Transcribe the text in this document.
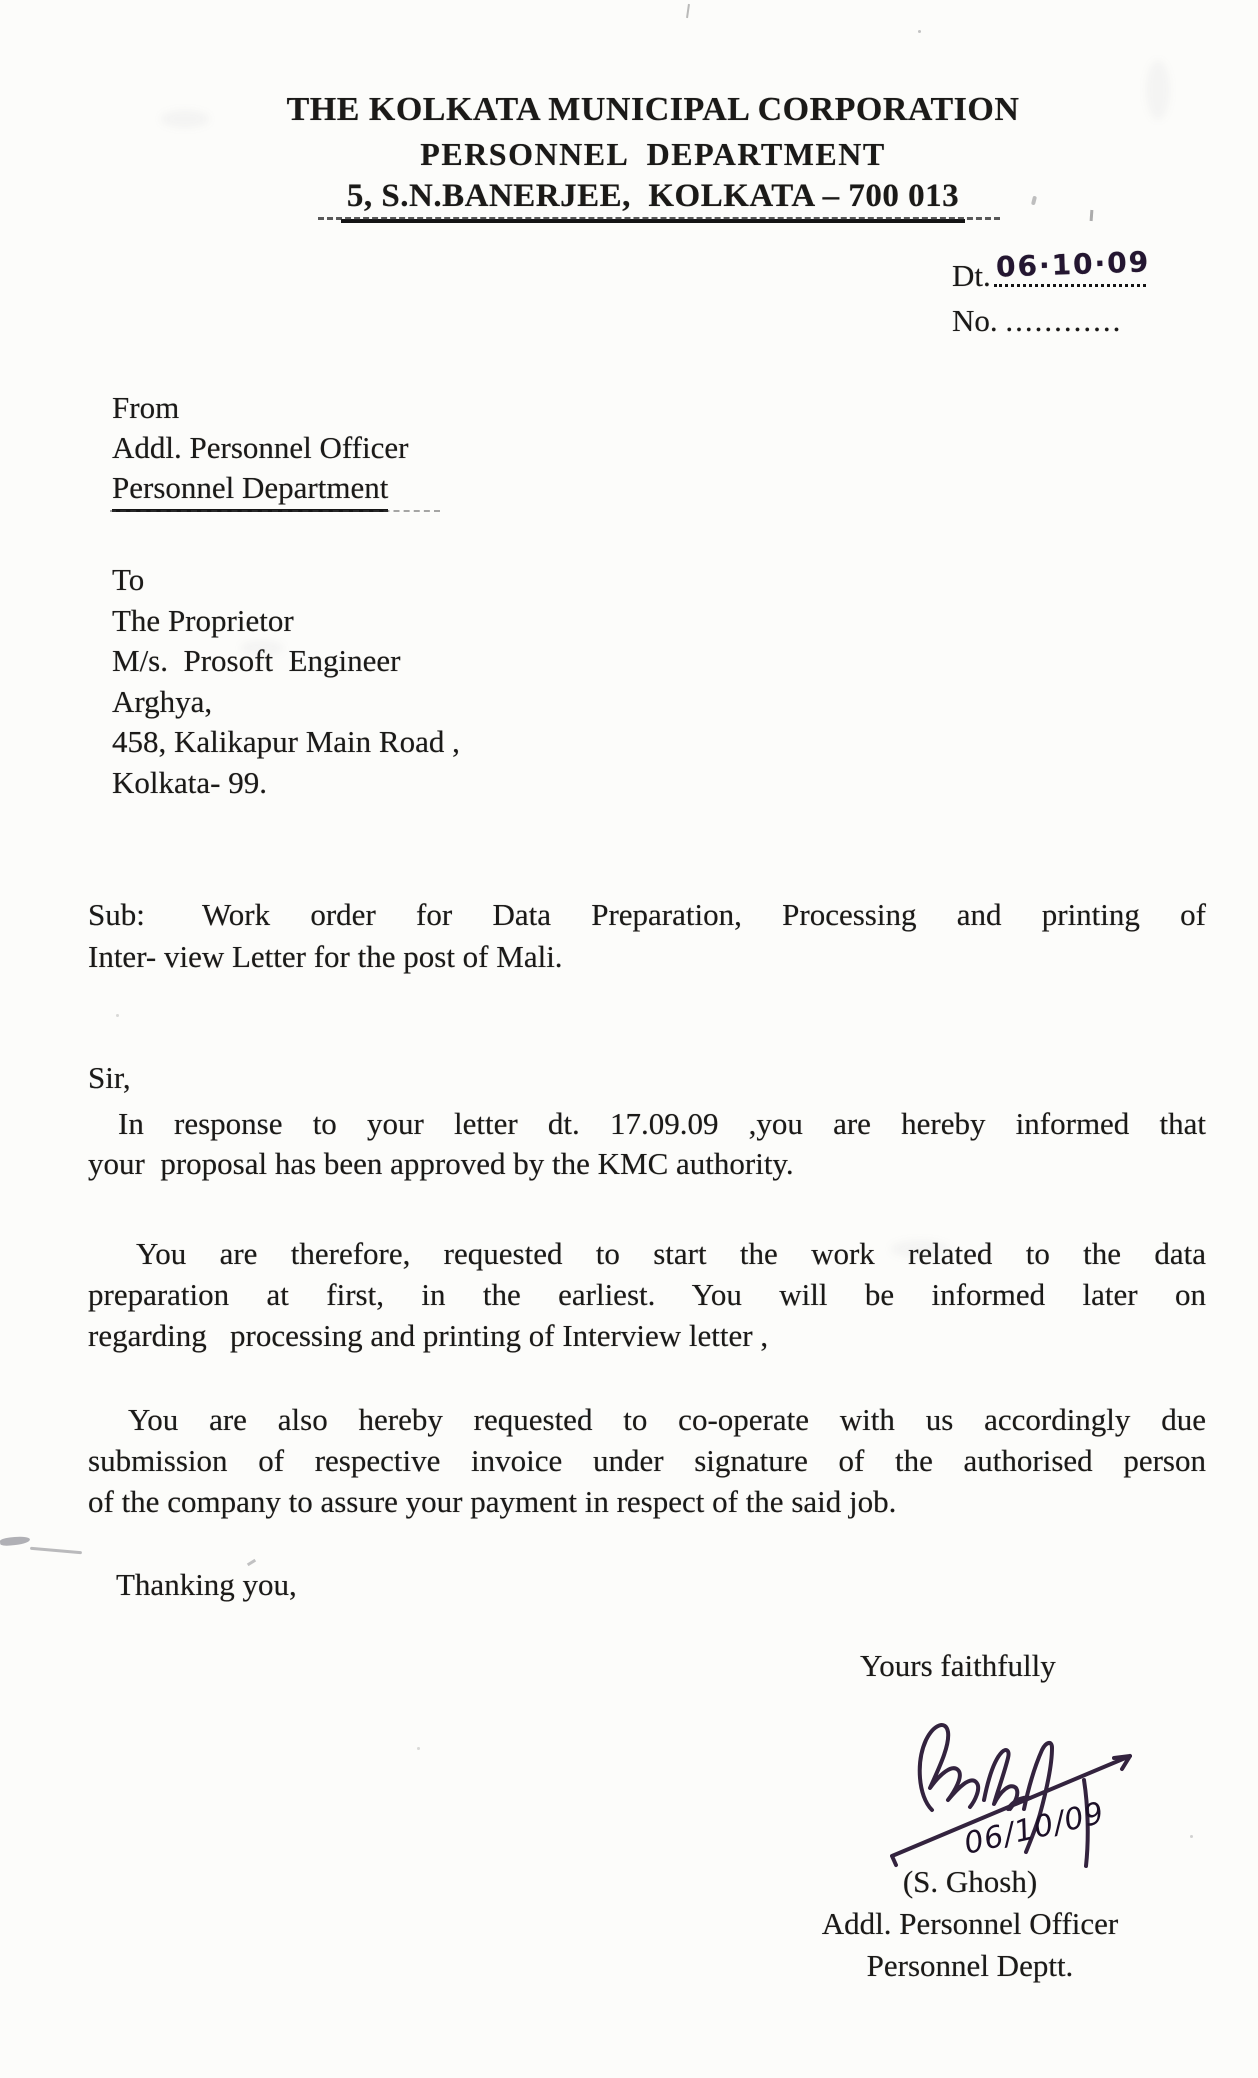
THE KOLKATA MUNICIPAL CORPORATION
PERSONNEL  DEPARTMENT
5, S.N.BANERJEE,  KOLKATA – 700 013
Dt. 06·10·09
No. ............
From
Addl. Personnel Officer
Personnel Department
To
The Proprietor
M/s.  Prosoft  Engineer
Arghya,
458, Kalikapur Main Road ,
Kolkata- 99.
Sub:	Work order for Data Preparation, Processing and printing of
Inter- view Letter for the post of Mali.
Sir,
In response to your letter dt. 17.09.09 ,you are hereby informed that
your  proposal has been approved by the KMC authority.
You are therefore, requested to start the work related to the data
preparation at first, in the earliest. You will be informed later on
regarding   processing and printing of Interview letter ,
You are also hereby requested to co-operate with us accordingly due
submission of respective invoice under signature of the authorised person
of the company to assure your payment in respect of the said job.
Thanking you,
Yours faithfully
06/10/09
(S. Ghosh)
Addl. Personnel Officer
Personnel Deptt.
